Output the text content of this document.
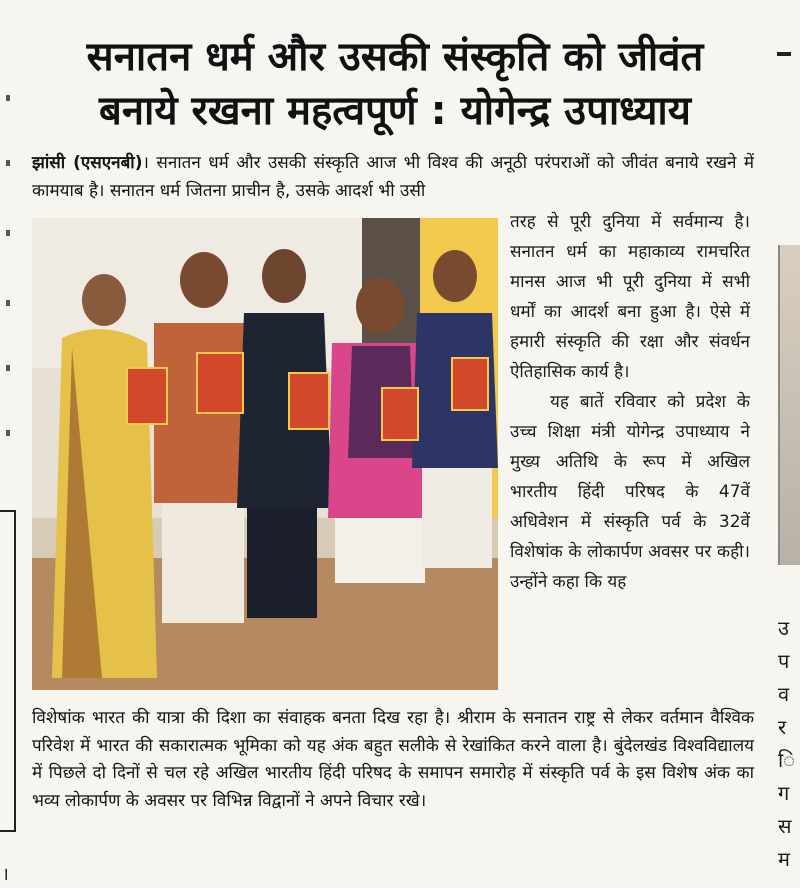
।
उ
प
व
र
ि
ग
स
म
सनातन धर्म और उसकी संस्कृति को जीवंत
बनाये रखना महत्वपूर्ण : योगेन्द्र उपाध्याय
झांसी (एसएनबी)। सनातन धर्म और उसकी संस्कृति आज भी विश्व की अनूठी परंपराओं को जीवंत बनाये रखने में कामयाब है। सनातन धर्म जितना प्राचीन है, उसके आदर्श भी उसी

तरह से पूरी दुनिया में सर्वमान्य है। सनातन धर्म का महाकाव्य रामचरित मानस आज भी पूरी दुनिया में सभी धर्मों का आदर्श बना हुआ है। ऐसे में हमारी संस्कृति की रक्षा और संवर्धन ऐतिहासिक कार्य है।

यह बातें रविवार को प्रदेश के उच्च शिक्षा मंत्री योगेन्द्र उपाध्याय ने मुख्य अतिथि के रूप में अखिल भारतीय हिंदी परिषद के 47वें अधिवेशन में संस्कृति पर्व के 32वें विशेषांक के लोकार्पण अवसर पर कही। उन्होंने कहा कि यह

विशेषांक भारत की यात्रा की दिशा का संवाहक बनता दिख रहा है। श्रीराम के सनातन राष्ट्र से लेकर वर्तमान वैश्विक परिवेश में भारत की सकारात्मक भूमिका को यह अंक बहुत सलीके से रेखांकित करने वाला है। बुंदेलखंड विश्वविद्यालय में पिछले दो दिनों से चल रहे अखिल भारतीय हिंदी परिषद के समापन समारोह में संस्कृति पर्व के इस विशेष अंक का भव्य लोकार्पण के अवसर पर विभिन्न विद्वानों ने अपने विचार रखे।
